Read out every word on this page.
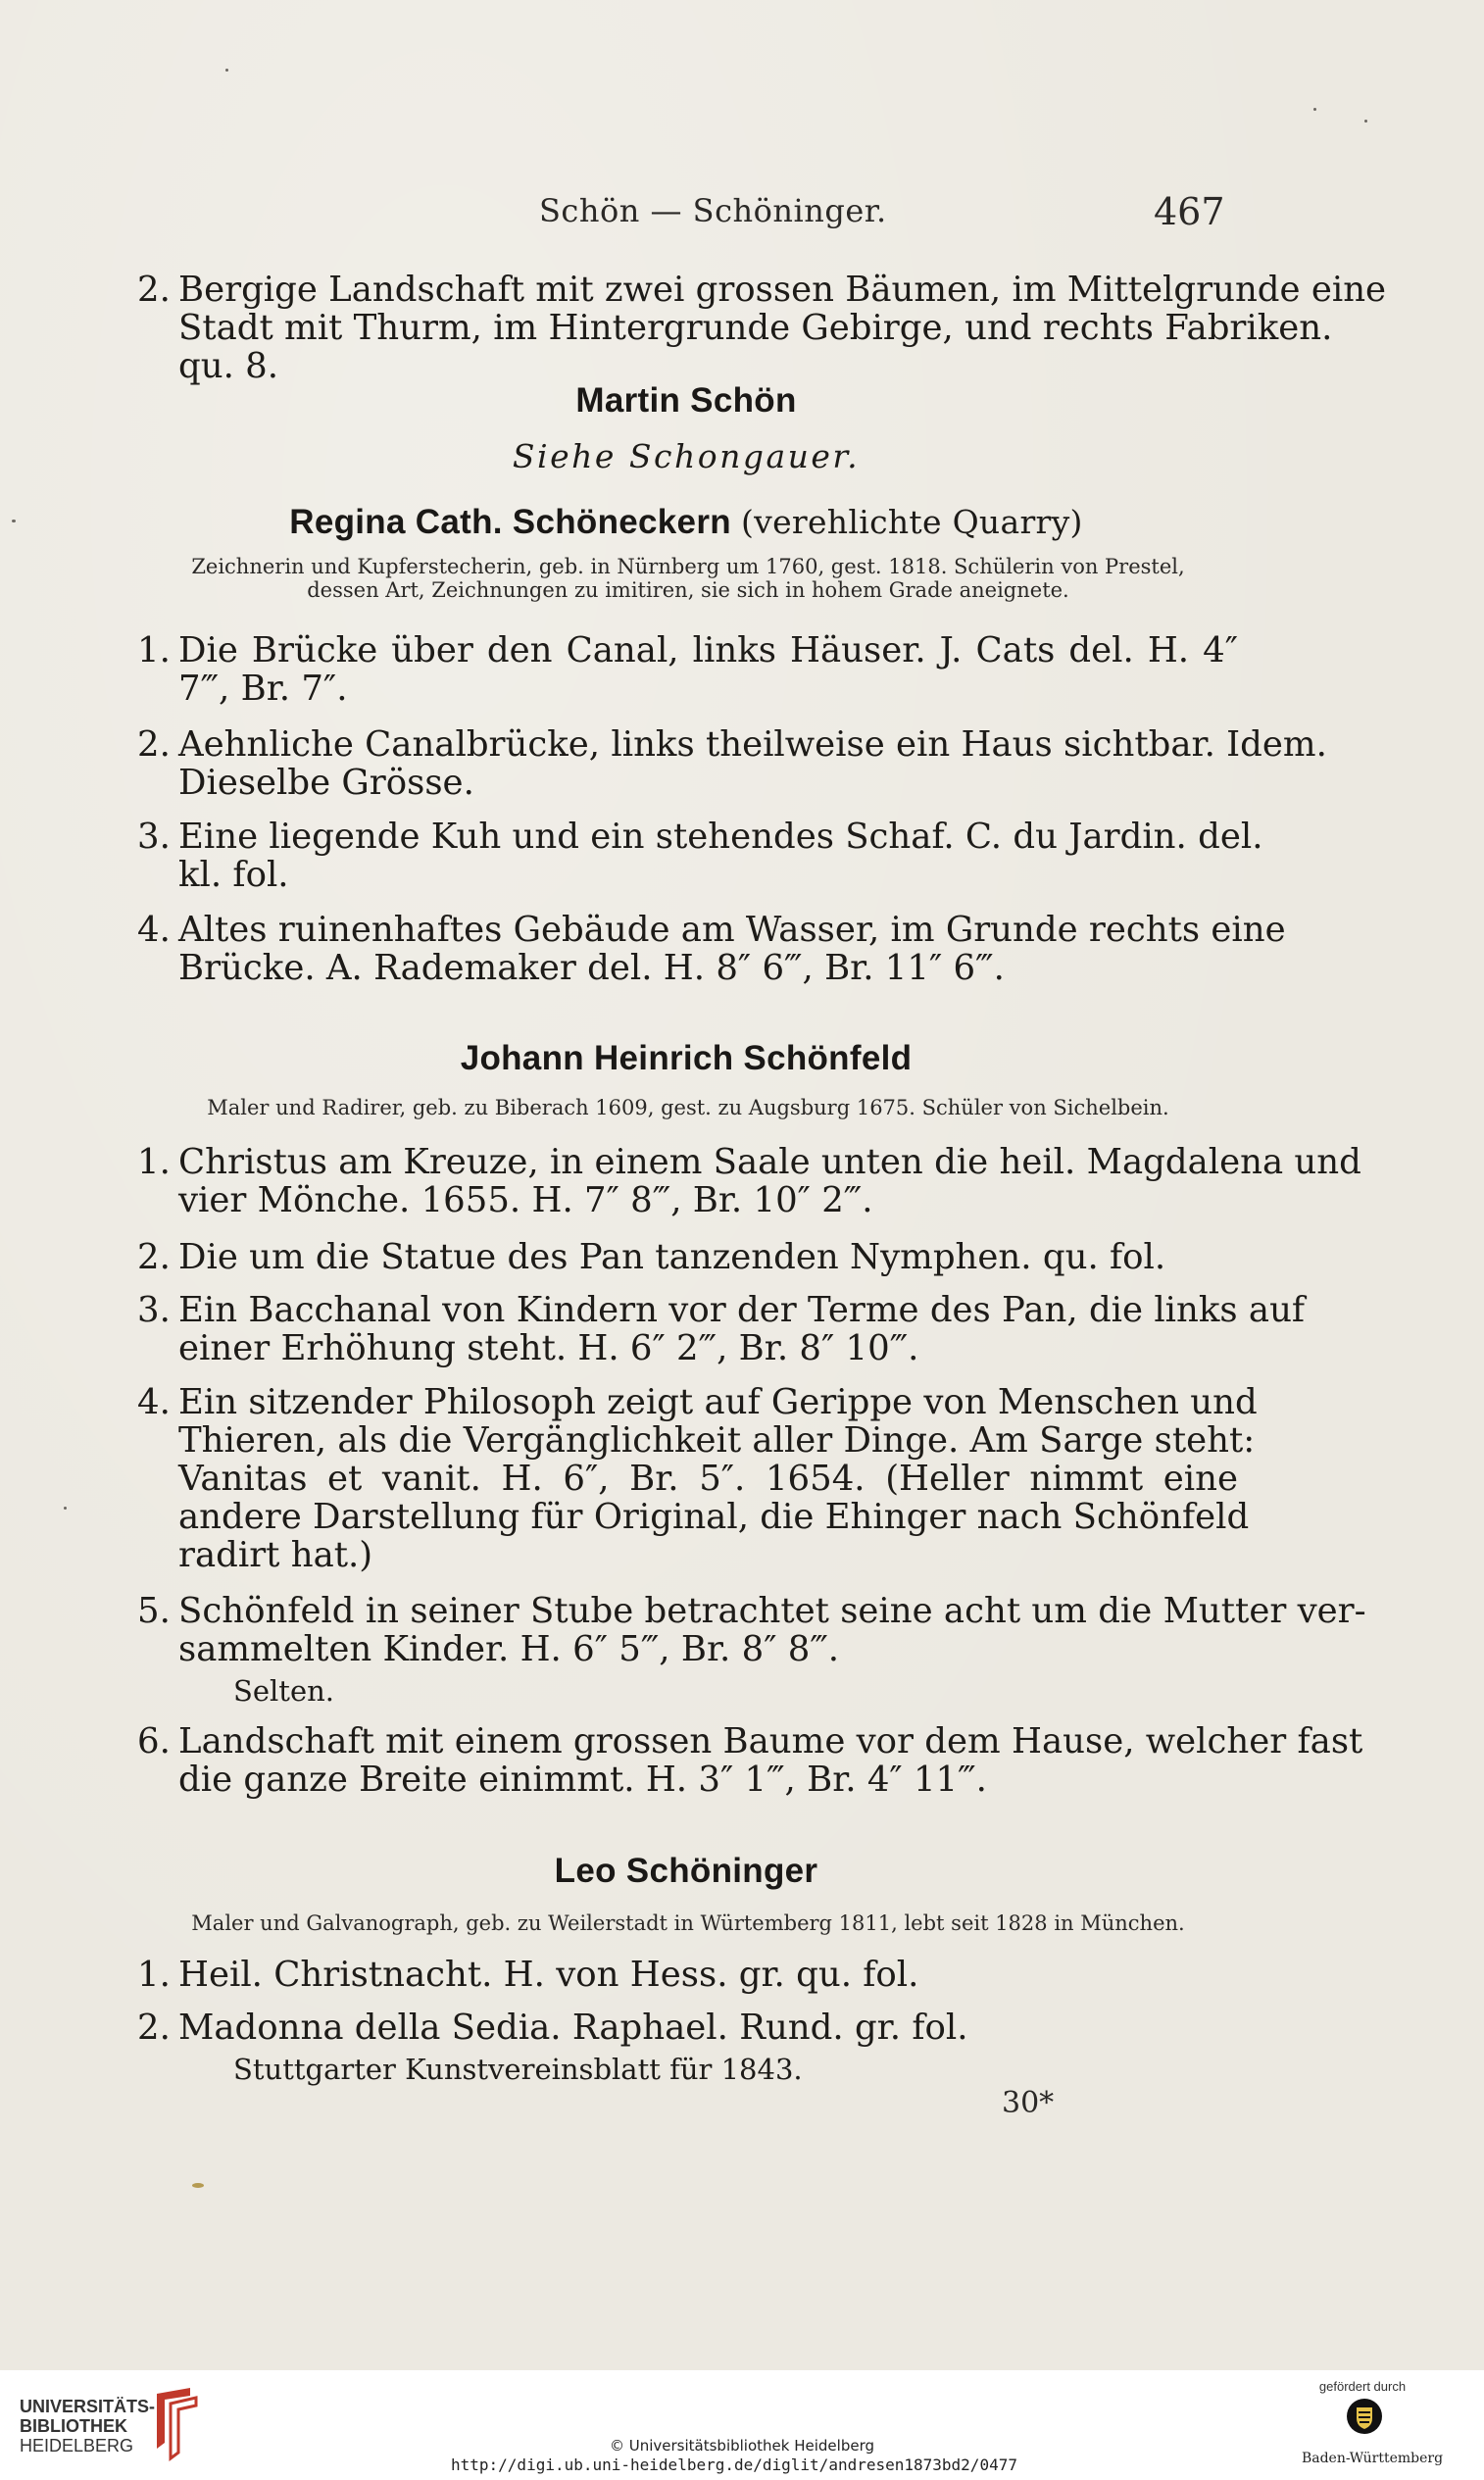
Schön — Schöninger.	467
2. Bergige Landschaft mit zwei grossen Bäumen, im Mittelgrunde eine
Stadt mit Thurm, im Hintergrunde Gebirge, und rechts Fabriken.
qu. 8.
Martin Schön
Siehe Schongauer.
Regina Cath. Schöneckern (verehlichte Quarry)
Zeichnerin und Kupferstecherin, geb. in Nürnberg um 1760, gest. 1818. Schülerin von Prestel,
dessen Art, Zeichnungen zu imitiren, sie sich in hohem Grade aneignete.
1. Die Brücke über den Canal, links Häuser. J. Cats del. H. 4″
7‴, Br. 7″.
2. Aehnliche Canalbrücke, links theilweise ein Haus sichtbar. Idem.
Dieselbe Grösse.
3. Eine liegende Kuh und ein stehendes Schaf. C. du Jardin. del.
kl. fol.
4. Altes ruinenhaftes Gebäude am Wasser, im Grunde rechts eine
Brücke. A. Rademaker del. H. 8″ 6‴, Br. 11″ 6‴.
Johann Heinrich Schönfeld
Maler und Radirer, geb. zu Biberach 1609, gest. zu Augsburg 1675. Schüler von Sichelbein.
1. Christus am Kreuze, in einem Saale unten die heil. Magdalena und
vier Mönche. 1655. H. 7″ 8‴, Br. 10″ 2‴.
2. Die um die Statue des Pan tanzenden Nymphen. qu. fol.
3. Ein Bacchanal von Kindern vor der Terme des Pan, die links auf
einer Erhöhung steht. H. 6″ 2‴, Br. 8″ 10‴.
4. Ein sitzender Philosoph zeigt auf Gerippe von Menschen und
Thieren, als die Vergänglichkeit aller Dinge. Am Sarge steht:
Vanitas et vanit. H. 6″, Br. 5″. 1654. (Heller nimmt eine
andere Darstellung für Original, die Ehinger nach Schönfeld
radirt hat.)
5. Schönfeld in seiner Stube betrachtet seine acht um die Mutter ver-
sammelten Kinder. H. 6″ 5‴, Br. 8″ 8‴.
Selten.
6. Landschaft mit einem grossen Baume vor dem Hause, welcher fast
die ganze Breite einimmt. H. 3″ 1‴, Br. 4″ 11‴.
Leo Schöninger
Maler und Galvanograph, geb. zu Weilerstadt in Würtemberg 1811, lebt seit 1828 in München.
1. Heil. Christnacht. H. von Hess. gr. qu. fol.
2. Madonna della Sedia. Raphael. Rund. gr. fol.
Stuttgarter Kunstvereinsblatt für 1843.
30*
UNIVERSITÄTS-
BIBLIOTHEK
HEIDELBERG	© Universitätsbibliothek Heidelberg
http://digi.ub.uni-heidelberg.de/diglit/andresen1873bd2/0477
gefördert durch
Baden-Württemberg
